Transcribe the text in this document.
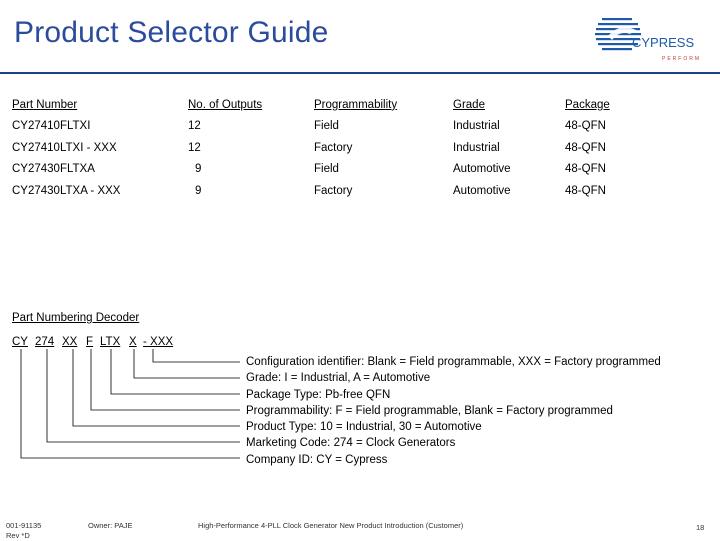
Product Selector Guide	CYPRESS
PERFORM
Part Number	No. of Outputs	Programmability	Grade	Package
CY27410FLTXI	12	Field	Industrial	48-QFN
CY27410LTXI - XXX	12	Factory	Industrial	48-QFN
CY27430FLTXA	9	Field	Automotive	48-QFN
CY27430LTXA - XXX	9	Factory	Automotive	48-QFN
Part Numbering Decoder
CY 274 XX F LTX X - XXX
Configuration identifier: Blank = Field programmable, XXX = Factory programmed
Grade: I = Industrial, A = Automotive
Package Type: Pb-free QFN
Programmability: F = Field programmable, Blank = Factory programmed
Product Type: 10 = Industrial, 30 = Automotive
Marketing Code: 274 = Clock Generators
Company ID: CY = Cypress
001-91135
Rev *D
Owner: PAJE	High-Performance 4-PLL Clock Generator New Product Introduction (Customer)	18
